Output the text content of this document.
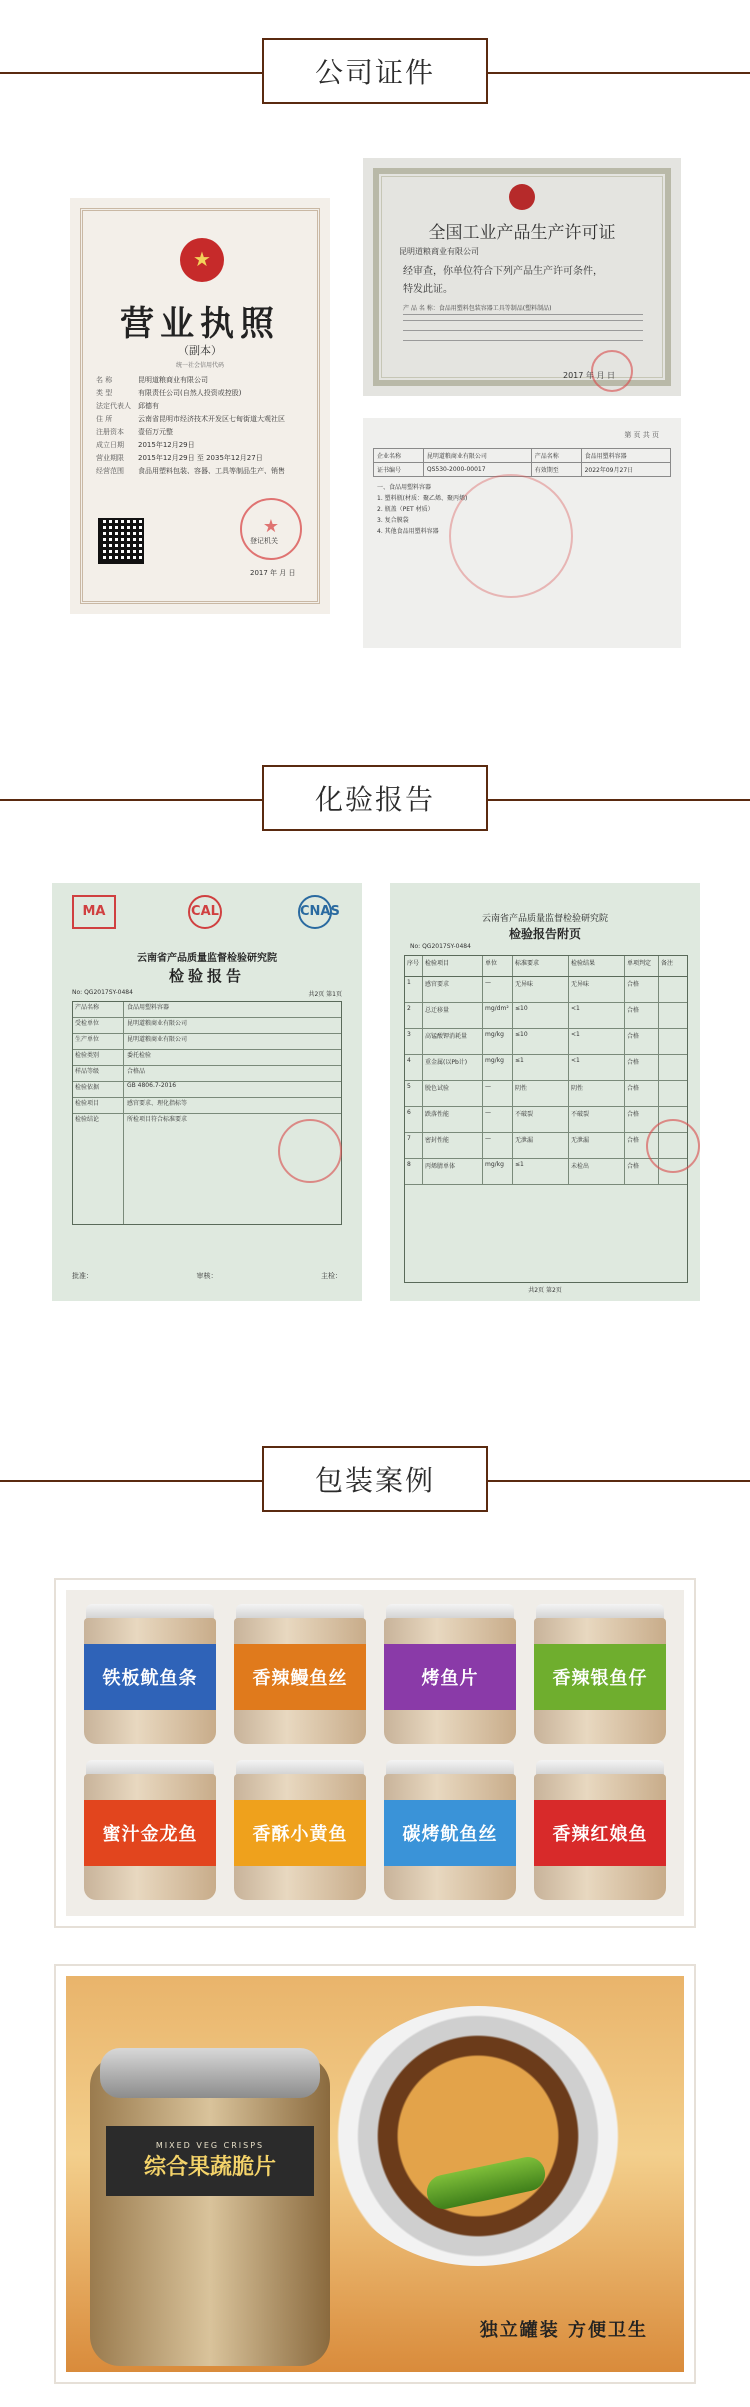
公司证件
★
营业执照
（副本）
统一社会信用代码
名 称	昆明道粮商业有限公司
类 型	有限责任公司(自然人投资或控股)
法定代表人	邱德有
住 所	云南省昆明市经济技术开发区七甸街道大观社区
注册资本	壹佰万元整
成立日期	2015年12月29日
营业期限	2015年12月29日 至 2035年12月27日
经营范围	食品用塑料包装、容器、工具等制品生产、销售
★
登记机关
2017 年 月 日
全国工业产品生产许可证
昆明道粮商业有限公司
经审查，你单位符合下列产品生产许可条件，
特发此证。
产 品 名 称：食品用塑料包装容器工具等制品(塑料制品)
2017 年 月 日
第 页 共 页
企业名称	昆明道粮商业有限公司	产品名称	食品用塑料容器
证书编号	QS530-2000-00017	有效期至	2022年09月27日
一、食品用塑料容器
1. 塑料瓶(材质：聚乙烯、聚丙烯)
2. 瓶盖（PET 材质）
3. 复合膜袋
4. 其他食品用塑料容器
化验报告
MA	CAL	CNAS
云南省产品质量监督检验研究院
检验报告
No: QG2017SY-0484	共2页 第1页
产品名称	食品用塑料容器
受检单位	昆明道粮商业有限公司
生产单位	昆明道粮商业有限公司
检验类别	委托检验
样品等级	合格品
检验依据	GB 4806.7-2016
检验项目	感官要求、理化指标等
检验结论	所检项目符合标准要求
批准：	审核：	主检：
云南省产品质量监督检验研究院
检验报告附页
No: QG2017SY-0484
序号 检验项目	单位	标准要求	检验结果	单项判定	备注
1	感官要求	—	无异味	无异味	合格
2	总迁移量	mg/dm²	≤10	<1	合格
3	高锰酸钾消耗量	mg/kg	≤10	<1	合格
4	重金属(以Pb计)	mg/kg	≤1	<1	合格
5	脱色试验	—	阴性	阴性	合格
6	跌落性能	—	不破裂	不破裂	合格
7	密封性能	—	无泄漏	无泄漏	合格
8	丙烯腈单体	mg/kg	≤1	未检出	合格
共2页 第2页
包装案例
铁板鱿鱼条	香辣鳗鱼丝	烤鱼片	香辣银鱼仔
蜜汁金龙鱼	香酥小黄鱼	碳烤鱿鱼丝	香辣红娘鱼
MIXED VEG CRISPS
综合果蔬脆片
独立罐装 方便卫生
